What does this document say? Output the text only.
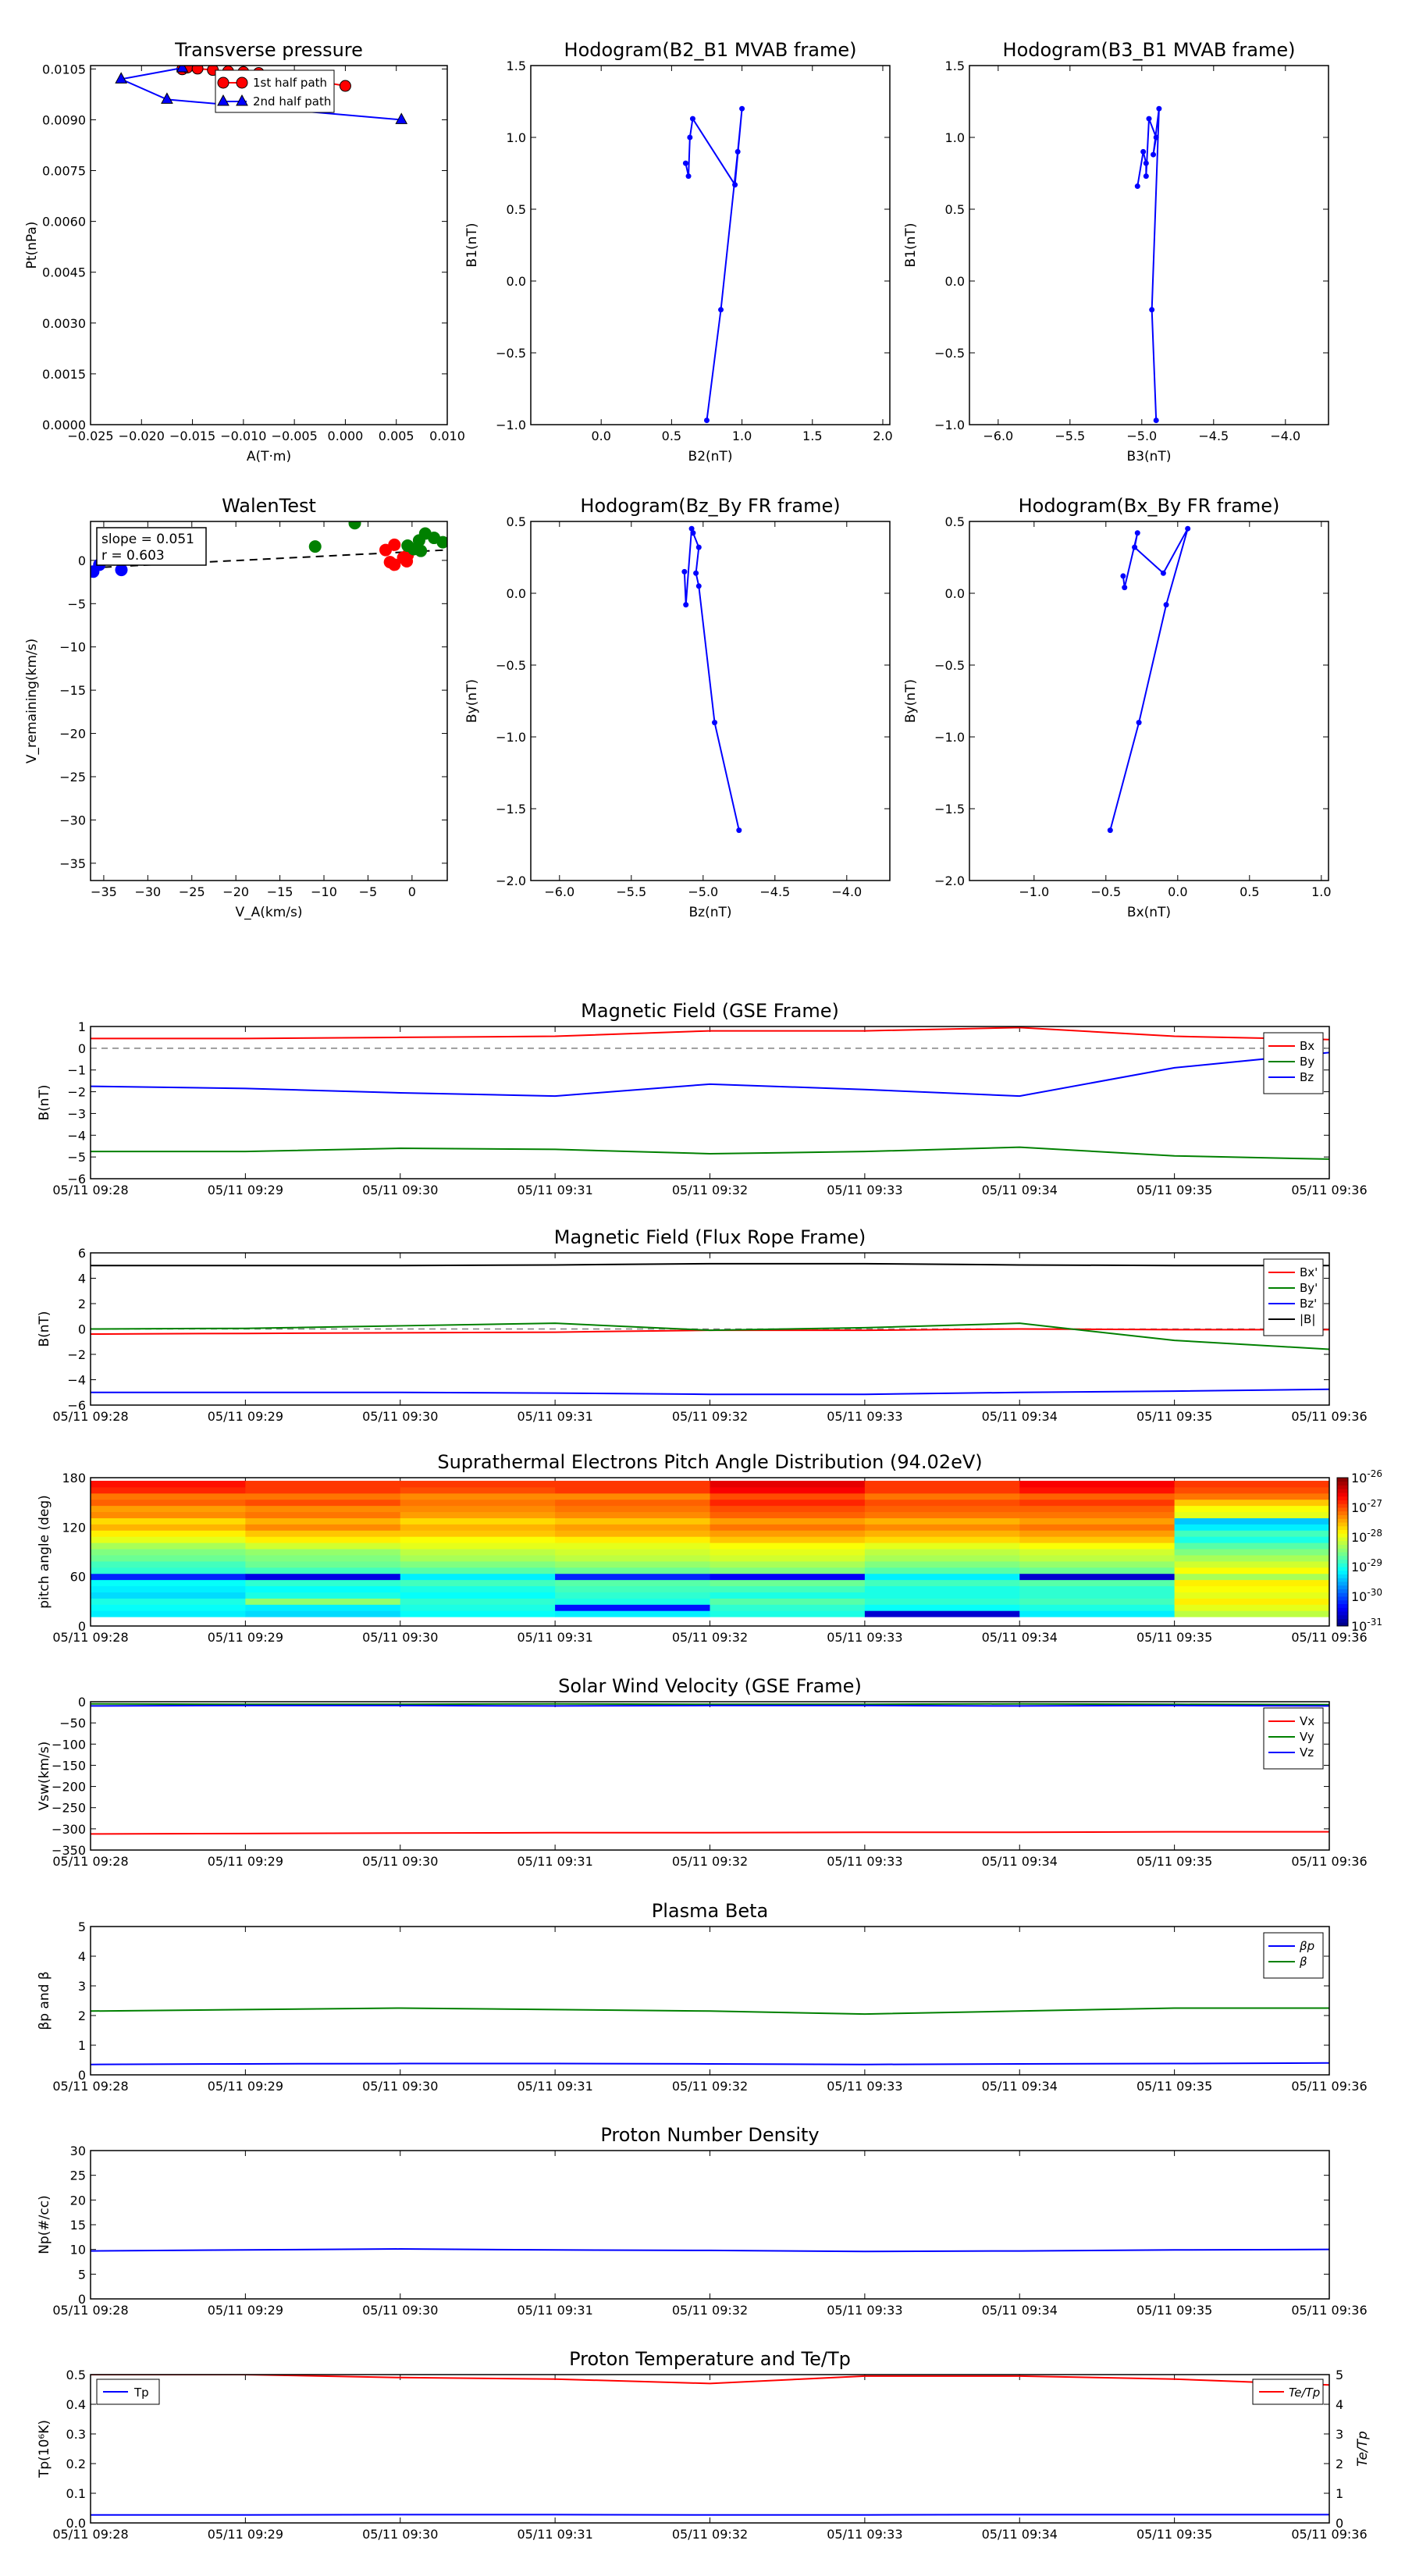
Transverse pressure
−0.025 −0.020 −0.015 −0.010 −0.005 0.000 0.005 0.010
0.0000
0.0015
0.0030
0.0045
0.0060
0.0075
0.0090
0.0105
A(T·m)
Pt(nPa)
1st half path
2nd half path
Hodogram(B2_B1 MVAB frame)
0.0	0.5	1.0	1.5	2.0
−1.0
−0.5
0.0
0.5
1.0
1.5
B2(nT)
B1(nT)
Hodogram(B3_B1 MVAB frame)
−6.0	−5.5	−5.0	−4.5	−4.0
−1.0
−0.5
0.0
0.5
1.0
1.5
B3(nT)
B1(nT)
WalenTest
−35 −30 −25 −20 −15 −10 −5 0
−35
−30
−25
−20
−15
−10
−5
0
V_A(km/s)
V_remaining(km/s)
slope = 0.051
r = 0.603
Hodogram(Bz_By FR frame)
−6.0	−5.5	−5.0	−4.5	−4.0
−2.0
−1.5
−1.0
−0.5
0.0
0.5
Bz(nT)
By(nT)
Hodogram(Bx_By FR frame)
−1.0	−0.5	0.0	0.5	1.0
−2.0
−1.5
−1.0
−0.5
0.0
0.5
Bx(nT)
By(nT)
Magnetic Field (GSE Frame)
05/11 09:28	05/11 09:29	05/11 09:30	05/11 09:31	05/11 09:32	05/11 09:33	05/11 09:34	05/11 09:35	05/11 09:36
−6
−5
−4
−3
−2
−1
0
1
B(nT)
Bx
By
Bz
Magnetic Field (Flux Rope Frame)
05/11 09:28	05/11 09:29	05/11 09:30	05/11 09:31	05/11 09:32	05/11 09:33	05/11 09:34	05/11 09:35	05/11 09:36
−6
−4
−2
0
2
4
6
B(nT)
Bx'
By'
Bz'
|B|
Suprathermal Electrons Pitch Angle Distribution (94.02eV)
05/11 09:28	05/11 09:29	05/11 09:30	05/11 09:31	05/11 09:32	05/11 09:33	05/11 09:34	05/11 09:35	05/11 09:36
0
60
120
180
pitch angle (deg)
$10^{-26}$
$10^{-27}$
$10^{-28}$
$10^{-29}$
$10^{-30}$
$10^{-31}$
Solar Wind Velocity (GSE Frame)
05/11 09:28	05/11 09:29	05/11 09:30	05/11 09:31	05/11 09:32	05/11 09:33	05/11 09:34	05/11 09:35	05/11 09:36
−350
−300
−250
−200
−150
−100
−50
0
Vsw(km/s)
Vx
Vy
Vz
Plasma Beta
05/11 09:28	05/11 09:29	05/11 09:30	05/11 09:31	05/11 09:32	05/11 09:33	05/11 09:34	05/11 09:35	05/11 09:36
0
1
2
3
4
5
βp and β
βp
β
Proton Number Density
05/11 09:28	05/11 09:29	05/11 09:30	05/11 09:31	05/11 09:32	05/11 09:33	05/11 09:34	05/11 09:35	05/11 09:36
0
5
10
15
20
25
30
Np(#/cc)
Proton Temperature and Te/Tp
05/11 09:28	05/11 09:29	05/11 09:30	05/11 09:31	05/11 09:32	05/11 09:33	05/11 09:34	05/11 09:35	05/11 09:36
0.0
0.1
0.2
0.3
0.4
0.5
0
1
2
3
4
5
Te/Tp
Tp(10⁶K)
Tp	Te/Tp
